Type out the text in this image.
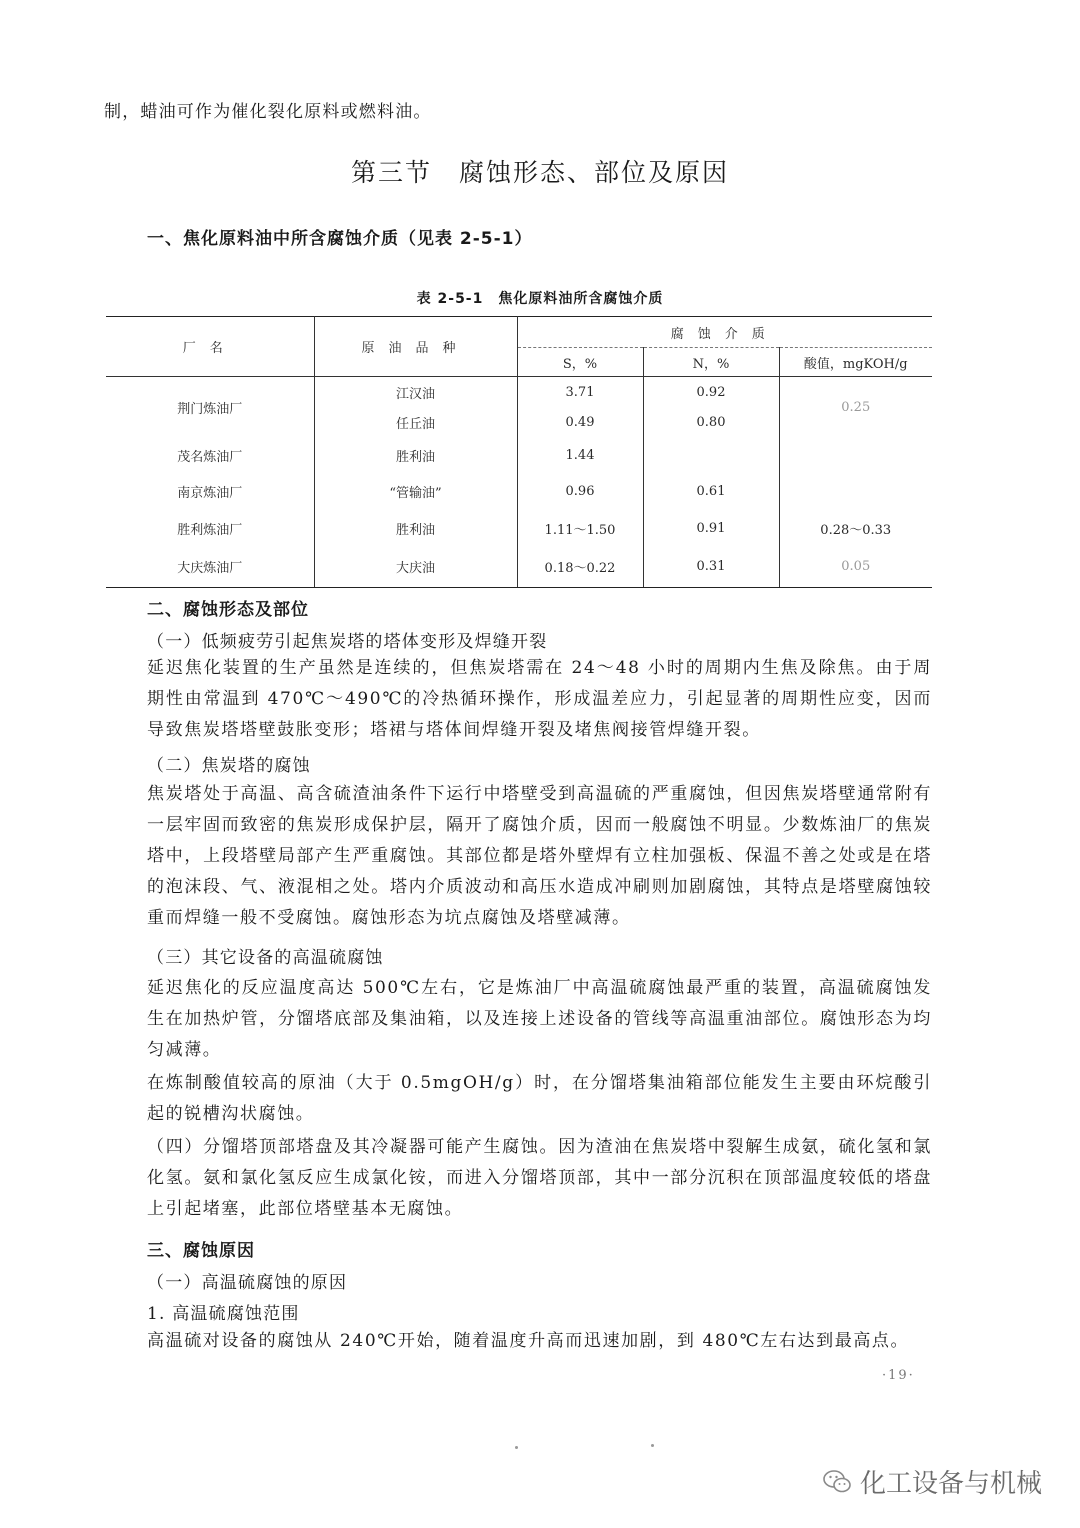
制，蜡油可作为催化裂化原料或燃料油。
第三节　腐蚀形态、部位及原因
一、焦化原料油中所含腐蚀介质（见表 2-5-1）
表 2-5-1　焦化原料油所含腐蚀介质
厂名	原油品种	腐蚀介质		
		S，%	N，%	酸值，mgKOH/g
荆门炼油厂	江汉油	3.71	0.92	0.25
	任丘油	0.49	0.80	
茂名炼油厂	胜利油	1.44		
南京炼油厂	“管输油”	0.96	0.61	
胜利炼油厂	胜利油	1.11～1.50	0.91	0.28～0.33
大庆炼油厂	大庆油	0.18～0.22	0.31	0.05
二、腐蚀形态及部位
（一）低频疲劳引起焦炭塔的塔体变形及焊缝开裂
延迟焦化装置的生产虽然是连续的，但焦炭塔需在 24～48 小时的周期内生焦及除焦。由于周期性由常温到 470℃～490℃的冷热循环操作，形成温差应力，引起显著的周期性应变，因而导致焦炭塔塔壁鼓胀变形；塔裙与塔体间焊缝开裂及堵焦阀接管焊缝开裂。
（二）焦炭塔的腐蚀
焦炭塔处于高温、高含硫渣油条件下运行中塔壁受到高温硫的严重腐蚀，但因焦炭塔壁通常附有一层牢固而致密的焦炭形成保护层，隔开了腐蚀介质，因而一般腐蚀不明显。少数炼油厂的焦炭塔中，上段塔壁局部产生严重腐蚀。其部位都是塔外壁焊有立柱加强板、保温不善之处或是在塔的泡沫段、气、液混相之处。塔内介质波动和高压水造成冲刷则加剧腐蚀，其特点是塔壁腐蚀较重而焊缝一般不受腐蚀。腐蚀形态为坑点腐蚀及塔壁减薄。
（三）其它设备的高温硫腐蚀
延迟焦化的反应温度高达 500℃左右，它是炼油厂中高温硫腐蚀最严重的装置，高温硫腐蚀发生在加热炉管，分馏塔底部及集油箱，以及连接上述设备的管线等高温重油部位。腐蚀形态为均匀减薄。
在炼制酸值较高的原油（大于 0.5mgOH/g）时，在分馏塔集油箱部位能发生主要由环烷酸引起的锐槽沟状腐蚀。
（四）分馏塔顶部塔盘及其冷凝器可能产生腐蚀。因为渣油在焦炭塔中裂解生成氨，硫化氢和氯化氢。氨和氯化氢反应生成氯化铵，而进入分馏塔顶部，其中一部分沉积在顶部温度较低的塔盘上引起堵塞，此部位塔壁基本无腐蚀。
三、腐蚀原因
（一）高温硫腐蚀的原因
1. 高温硫腐蚀范围
高温硫对设备的腐蚀从 240℃开始，随着温度升高而迅速加剧，到 480℃左右达到最高点。
·19·
化工设备与机械
